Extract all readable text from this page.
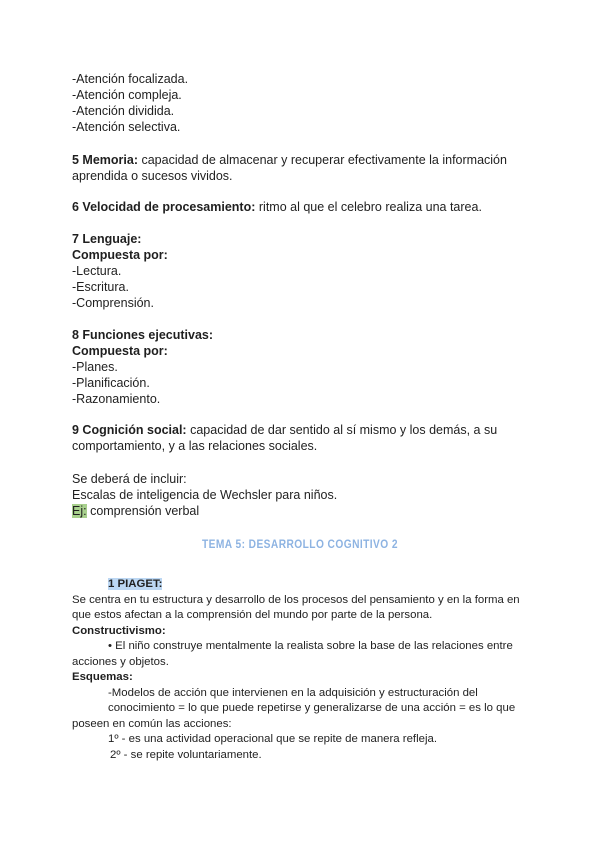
-Atención focalizada.
-Atención compleja.
-Atención dividida.
-Atención selectiva.
5 Memoria: capacidad de almacenar y recuperar efectivamente la información aprendida o sucesos vividos.
6 Velocidad de procesamiento: ritmo al que el celebro realiza una tarea.
7 Lenguaje:
Compuesta por:
-Lectura.
-Escritura.
-Comprensión.
8 Funciones ejecutivas:
Compuesta por:
-Planes.
-Planificación.
-Razonamiento.
9 Cognición social: capacidad de dar sentido al sí mismo y los demás, a su comportamiento, y a las relaciones sociales.
Se deberá de incluir:
Escalas de inteligencia de Wechsler para niños.
Ej: comprensión verbal
TEMA 5: DESARROLLO COGNITIVO 2
1 PIAGET:
Se centra en tu estructura y desarrollo de los procesos del pensamiento y en la forma en que estos afectan a la comprensión del mundo por parte de la persona.
Constructivismo:
• El niño construye mentalmente la realista sobre la base de las relaciones entre acciones y objetos.
Esquemas:
-Modelos de acción que intervienen en la adquisición y estructuración del
conocimiento = lo que puede repetirse y generalizarse de una acción = es lo que
poseen en común las acciones:
1º - es una actividad operacional que se repite de manera refleja.
2º - se repite voluntariamente.
